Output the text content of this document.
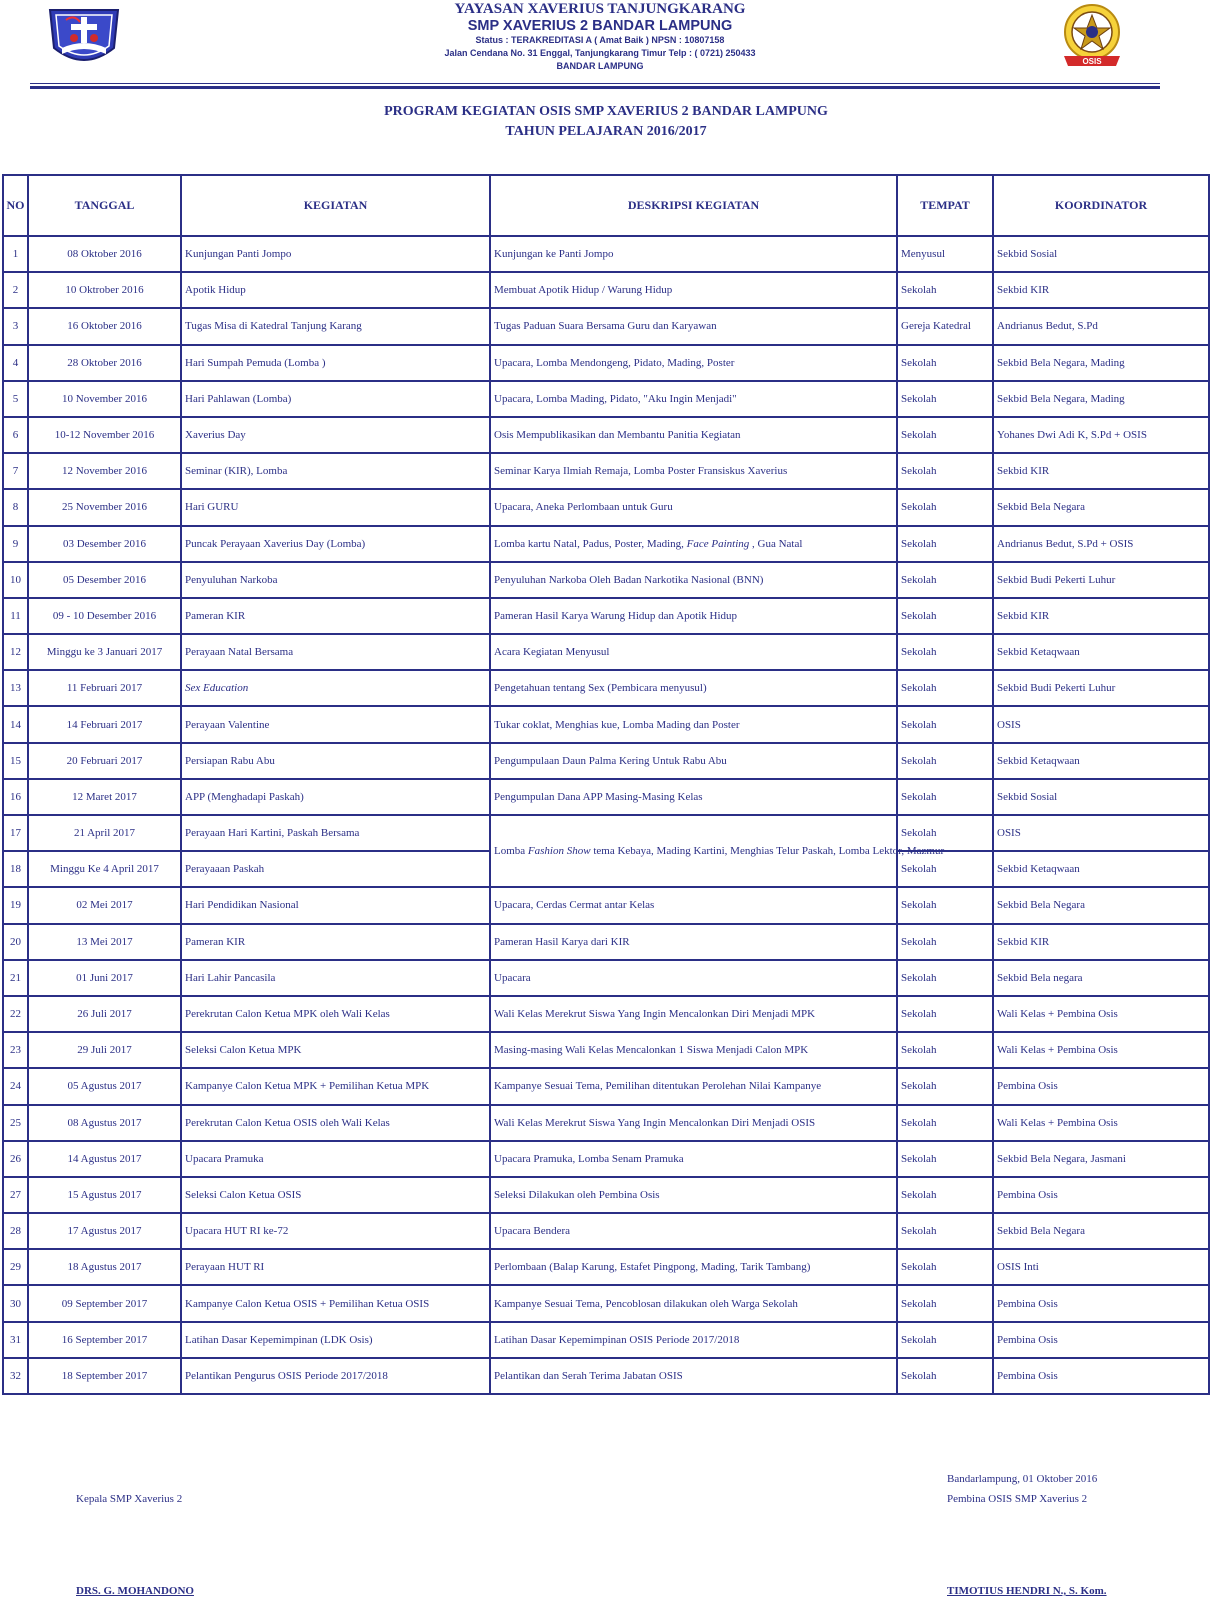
YAYASAN XAVERIUS TANJUNGKARANG
SMP XAVERIUS 2 BANDAR LAMPUNG
Status : TERAKREDITASI A ( Amat Baik ) NPSN : 10807158
Jalan Cendana No. 31 Enggal, Tanjungkarang Timur Telp : ( 0721) 250433
BANDAR LAMPUNG	OSIS
PROGRAM KEGIATAN OSIS SMP XAVERIUS 2 BANDAR LAMPUNG
TAHUN PELAJARAN 2016/2017
NO	TANGGAL	KEGIATAN	DESKRIPSI KEGIATAN	TEMPAT	KOORDINATOR
1	08 Oktober 2016	Kunjungan Panti Jompo	Kunjungan ke Panti Jompo	Menyusul	Sekbid Sosial
2	10 Oktrober 2016	Apotik Hidup	Membuat Apotik Hidup / Warung Hidup	Sekolah	Sekbid KIR
3	16 Oktober 2016	Tugas Misa di Katedral Tanjung Karang	Tugas Paduan Suara Bersama Guru dan Karyawan	Gereja Katedral	Andrianus Bedut, S.Pd
4	28 Oktober 2016	Hari Sumpah Pemuda (Lomba )	Upacara, Lomba Mendongeng, Pidato, Mading, Poster	Sekolah	Sekbid Bela Negara, Mading
5	10 November 2016	Hari Pahlawan (Lomba)	Upacara, Lomba Mading, Pidato, "Aku Ingin Menjadi"	Sekolah	Sekbid Bela Negara, Mading
6	10-12 November 2016	Xaverius Day	Osis Mempublikasikan dan Membantu Panitia Kegiatan	Sekolah	Yohanes Dwi Adi K, S.Pd + OSIS
7	12 November 2016	Seminar (KIR), Lomba	Seminar Karya Ilmiah Remaja, Lomba Poster Fransiskus Xaverius	Sekolah	Sekbid KIR
8	25 November 2016	Hari GURU	Upacara, Aneka Perlombaan untuk Guru	Sekolah	Sekbid Bela Negara
9	03 Desember 2016	Puncak Perayaan Xaverius Day (Lomba)	Lomba kartu Natal, Padus, Poster, Mading, Face Painting , Gua Natal	Sekolah	Andrianus Bedut, S.Pd + OSIS
10	05 Desember 2016	Penyuluhan Narkoba	Penyuluhan Narkoba Oleh Badan Narkotika Nasional (BNN)	Sekolah	Sekbid Budi Pekerti Luhur
11	09 - 10 Desember 2016	Pameran KIR	Pameran Hasil Karya Warung Hidup dan Apotik Hidup	Sekolah	Sekbid KIR
12	Minggu ke 3 Januari 2017	Perayaan Natal Bersama	Acara Kegiatan Menyusul	Sekolah	Sekbid Ketaqwaan
13	11 Februari 2017	Sex Education	Pengetahuan tentang Sex (Pembicara menyusul)	Sekolah	Sekbid Budi Pekerti Luhur
14	14 Februari 2017	Perayaan Valentine	Tukar coklat, Menghias kue, Lomba Mading dan Poster	Sekolah	OSIS
15	20 Februari 2017	Persiapan Rabu Abu	Pengumpulaan Daun Palma Kering Untuk Rabu Abu	Sekolah	Sekbid Ketaqwaan
16	12 Maret 2017	APP (Menghadapi Paskah)	Pengumpulan Dana APP Masing-Masing Kelas	Sekolah	Sekbid Sosial
17	21 April 2017	Perayaan Hari Kartini, Paskah Bersama	Lomba Fashion Show tema Kebaya, Mading Kartini, Menghias Telur Paskah, Lomba Lektor, Mazmur	Sekolah	OSIS
18	Minggu Ke 4 April 2017	Perayaaan Paskah		Sekolah	Sekbid Ketaqwaan
19	02 Mei 2017	Hari Pendidikan Nasional	Upacara, Cerdas Cermat antar Kelas	Sekolah	Sekbid Bela Negara
20	13 Mei 2017	Pameran KIR	Pameran Hasil Karya dari KIR	Sekolah	Sekbid KIR
21	01 Juni 2017	Hari Lahir Pancasila	Upacara	Sekolah	Sekbid Bela negara
22	26 Juli 2017	Perekrutan Calon Ketua MPK oleh Wali Kelas	Wali Kelas Merekrut Siswa Yang Ingin Mencalonkan Diri Menjadi MPK	Sekolah	Wali Kelas + Pembina Osis
23	29 Juli 2017	Seleksi Calon Ketua MPK	Masing-masing Wali Kelas Mencalonkan 1 Siswa Menjadi Calon MPK	Sekolah	Wali Kelas + Pembina Osis
24	05 Agustus 2017	Kampanye Calon Ketua MPK + Pemilihan Ketua MPK	Kampanye Sesuai Tema, Pemilihan ditentukan Perolehan Nilai Kampanye	Sekolah	Pembina Osis
25	08 Agustus 2017	Perekrutan Calon Ketua OSIS oleh Wali Kelas	Wali Kelas Merekrut Siswa Yang Ingin Mencalonkan Diri Menjadi OSIS	Sekolah	Wali Kelas + Pembina Osis
26	14 Agustus 2017	Upacara Pramuka	Upacara Pramuka, Lomba Senam Pramuka	Sekolah	Sekbid Bela Negara, Jasmani
27	15 Agustus 2017	Seleksi Calon Ketua OSIS	Seleksi Dilakukan oleh Pembina Osis	Sekolah	Pembina Osis
28	17 Agustus 2017	Upacara HUT RI ke-72	Upacara Bendera	Sekolah	Sekbid Bela Negara
29	18 Agustus 2017	Perayaan HUT RI	Perlombaan (Balap Karung, Estafet Pingpong, Mading, Tarik Tambang)	Sekolah	OSIS Inti
30	09 September 2017	Kampanye Calon Ketua OSIS + Pemilihan Ketua OSIS	Kampanye Sesuai Tema, Pencoblosan dilakukan oleh Warga Sekolah	Sekolah	Pembina Osis
31	16 September 2017	Latihan Dasar Kepemimpinan (LDK Osis)	Latihan Dasar Kepemimpinan OSIS Periode 2017/2018	Sekolah	Pembina Osis
32	18 September 2017	Pelantikan Pengurus OSIS Periode 2017/2018	Pelantikan dan Serah Terima Jabatan OSIS	Sekolah	Pembina Osis
Kepala SMP Xaverius 2
DRS. G. MOHANDONO
Bandarlampung, 01 Oktober 2016
Pembina OSIS SMP Xaverius 2
TIMOTIUS HENDRI N., S. Kom.
